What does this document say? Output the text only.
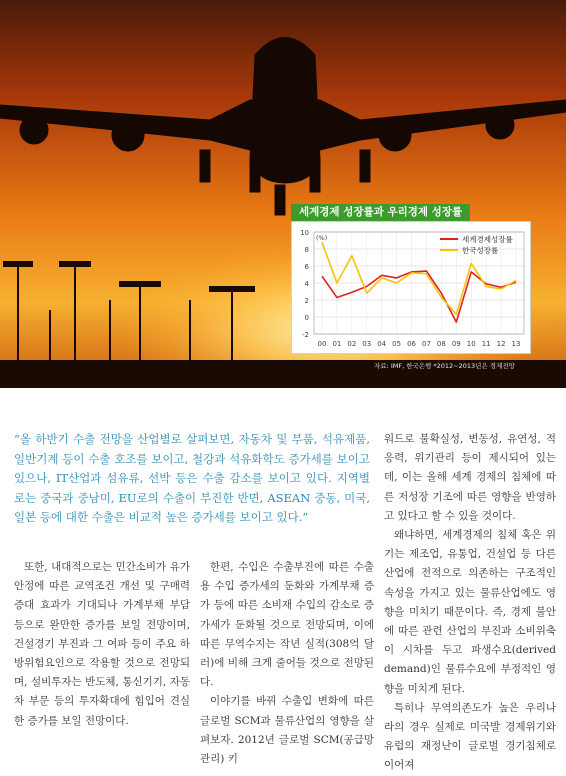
세계경제 성장률과 우리경제 성장률
-2
0
2
4
6
8
10
00 01 02 03 04 05 06 07 08 09 10 11 12 13
(%)	세계경제성장률
한국성장률
자료: IMF, 한국은행 *2012~2013년은 경제전망
“올 하반기 수출 전망을 산업별로 살펴보면, 자동차 및 부품, 석유제품, 일반기계 등이 수출 호조를 보이고, 철강과 석유화학도 증가세를 보이고 있으나, IT산업과 섬유류, 선박 등은 수출 감소를 보이고 있다. 지역별로는 중국과 중남미, EU로의 수출이 부진한 반면, ASEAN 중동, 미국, 일본 등에 대한 수출은 비교적 높은 증가세를 보이고 있다.”

또한, 내대적으로는 민간소비가 유가안정에 따른 교역조건 개선 및 구매력 증대 효과가 기대되나 가계부채 부담 등으로 완만한 증가를 보일 전망이며, 건설경기 부진과 그 여파 등이 주요 하방위험요인으로 작용할 것으로 전망되며, 설비투자는 반도체, 통신기기, 자동차 부문 등의 투자확대에 힘입어 견실한 증가를 보일 전망이다.

한편, 수입은 수출부진에 따른 수출용 수입 증가세의 둔화와 가계부채 증가 등에 따른 소비재 수입의 감소로 증가세가 둔화될 것으로 전망되며, 이에 따른 무역수지는 작년 실적(308억 달러)에 비해 크게 줄어들 것으로 전망된다.

이야기를 바꿔 수출입 변화에 따른 글로벌 SCM과 물류산업의 영향을 살펴보자. 2012년 글로벌 SCM(공급망관리) 키

워드로 불확실성, 변동성, 유연성, 적응력, 위기관리 등이 제시되어 있는데, 이는 올해 세계 경제의 침체에 따른 저성장 기조에 따른 영향을 반영하고 있다고 할 수 있을 것이다.

왜냐하면, 세계경제의 침체 혹은 위기는 제조업, 유통업, 건설업 등 다른 산업에 전적으로 의존하는 구조적인 속성을 가지고 있는 물류산업에도 영향을 미치기 때문이다. 즉, 경제 불안에 따른 관련 산업의 부진과 소비위축이 시차를 두고 파생수요(derived demand)인 물류수요에 부정적인 영향을 미치게 된다.

특히나 무역의존도가 높은 우리나라의 경우 실제로 미국발 경제위기와 유럽의 재정난이 글로벌 경기침체로 이어져
